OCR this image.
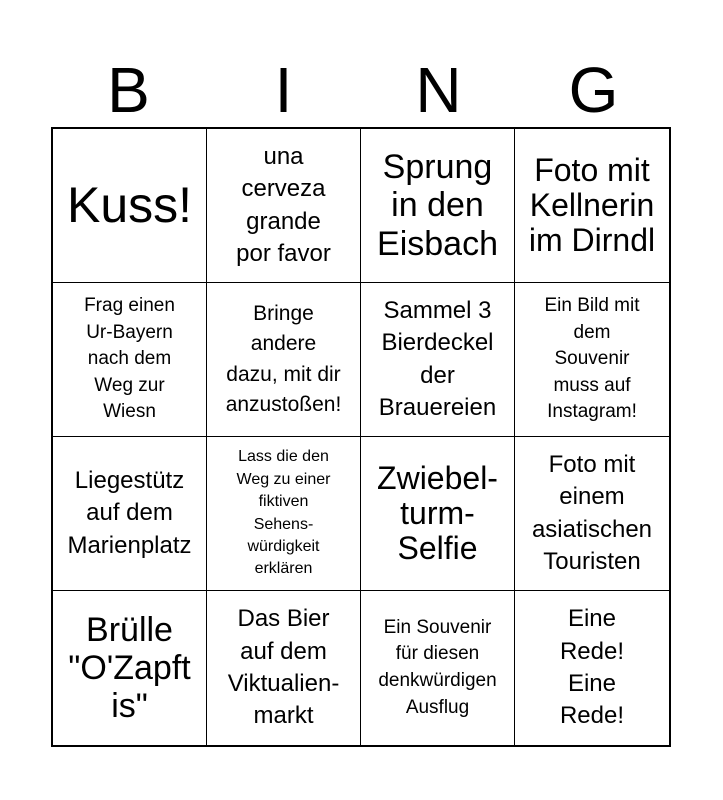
B	I	N	G
Kuss!
una
cerveza
grande
por favor
Sprung
in den
Eisbach
Foto mit
Kellnerin
im Dirndl
Frag einen
Ur-Bayern
nach dem
Weg zur
Wiesn
Bringe
andere
dazu, mit dir
anzustoßen!
Sammel 3
Bierdeckel
der
Brauereien
Ein Bild mit
dem
Souvenir
muss auf
Instagram!
Liegestütz
auf dem
Marienplatz
Lass die den
Weg zu einer
fiktiven
Sehens-
würdigkeit
erklären
Zwiebel-
turm-
Selfie
Foto mit
einem
asiatischen
Touristen
Brülle
"O'Zapft
is"
Das Bier
auf dem
Viktualien-
markt
Ein Souvenir
für diesen
denkwürdigen
Ausflug
Eine
Rede!
Eine
Rede!
